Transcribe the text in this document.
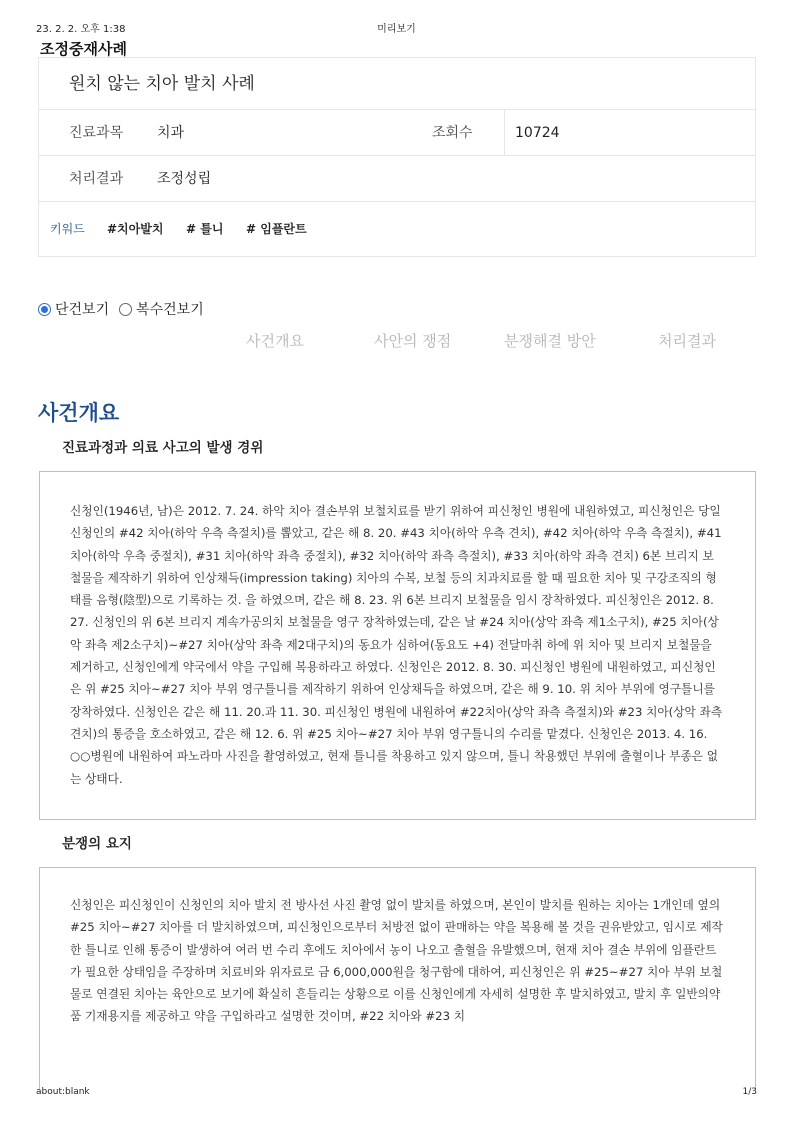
23. 2. 2. 오후 1:38	미리보기
조정중재사례
원치 않는 치아 발치 사례
진료과목 치과	조회수	10724
처리결과 조정성립
키워드 #치아발치 # 틀니 # 임플란트
단건보기 복수건보기
사건개요	사안의 쟁점	분쟁해결 방안	처리결과
사건개요
진료과정과 의료 사고의 발생 경위

신청인(1946년, 남)은 2012. 7. 24. 하악 치아 결손부위 보철치료를 받기 위하여 피신청인 병원에 내원하였고, 피신청인은 당일 신청인의 #42 치아(하악 우측 측절치)를 뽑았고, 같은 해 8. 20. #43 치아(하악 우측 견치), #42 치아(하악 우측 측절치), #41 치아(하악 우측 중절치), #31 치아(하악 좌측 중절치), #32 치아(하악 좌측 측절치), #33 치아(하악 좌측 견치) 6본 브리지 보철물을 제작하기 위하여 인상채득(impression taking) 치아의 수복, 보철 등의 치과치료를 할 때 필요한 치아 및 구강조직의 형태를 음형(陰型)으로 기록하는 것. 을 하였으며, 같은 해 8. 23. 위 6본 브리지 보철물을 임시 장착하였다. 피신청인은 2012. 8. 27. 신청인의 위 6본 브리지 계속가공의치 보철물을 영구 장착하였는데, 같은 날 #24 치아(상악 좌측 제1소구치), #25 치아(상악 좌측 제2소구치)~#27 치아(상악 좌측 제2대구치)의 동요가 심하여(동요도 +4) 전달마취 하에 위 치아 및 브리지 보철물을 제거하고, 신청인에게 약국에서 약을 구입해 복용하라고 하였다. 신청인은 2012. 8. 30. 피신청인 병원에 내원하였고, 피신청인은 위 #25 치아~#27 치아 부위 영구틀니를 제작하기 위하여 인상채득을 하였으며, 같은 해 9. 10. 위 치아 부위에 영구틀니를 장착하였다. 신청인은 같은 해 11. 20.과 11. 30. 피신청인 병원에 내원하여 #22치아(상악 좌측 측절치)와 #23 치아(상악 좌측 견치)의 통증을 호소하였고, 같은 해 12. 6. 위 #25 치아~#27 치아 부위 영구틀니의 수리를 맡겼다. 신청인은 2013. 4. 16. ○○병원에 내원하여 파노라마 사진을 촬영하였고, 현재 틀니를 착용하고 있지 않으며, 틀니 착용했던 부위에 출혈이나 부종은 없는 상태다.

분쟁의 요지

신청인은 피신청인이 신청인의 치아 발치 전 방사선 사진 촬영 없이 발치를 하였으며, 본인이 발치를 원하는 치아는 1개인데 옆의 #25 치아~#27 치아를 더 발치하였으며, 피신청인으로부터 처방전 없이 판매하는 약을 복용해 볼 것을 권유받았고, 임시로 제작한 틀니로 인해 통증이 발생하여 여러 번 수리 후에도 치아에서 농이 나오고 출혈을 유발했으며, 현재 치아 결손 부위에 임플란트가 필요한 상태임을 주장하며 치료비와 위자료로 금 6,000,000원을 청구함에 대하여, 피신청인은 위 #25~#27 치아 부위 보철물로 연결된 치아는 육안으로 보기에 확실히 흔들리는 상황으로 이를 신청인에게 자세히 설명한 후 발치하였고, 발치 후 일반의약품 기재용지를 제공하고 약을 구입하라고 설명한 것이며, #22 치아와 #23 치

about:blank	1/3
